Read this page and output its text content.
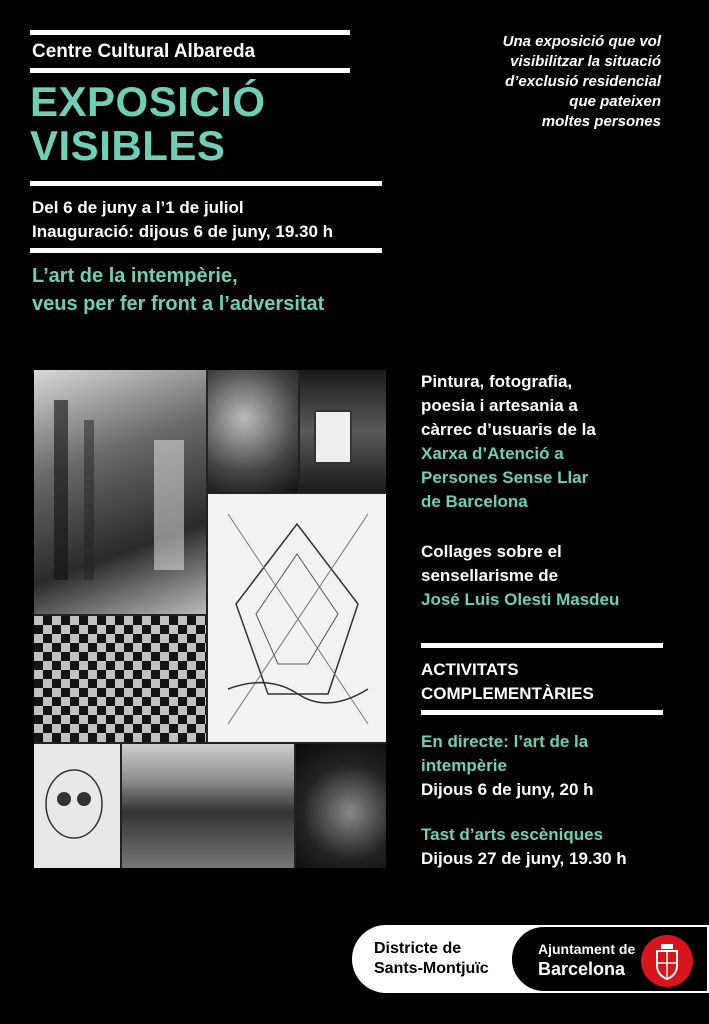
Centre Cultural Albareda
EXPOSICIÓ
VISIBLES
Del 6 de juny a l’1 de juliol
Inauguració: dijous 6 de juny, 19.30 h
L’art de la intempèrie,
veus per fer front a l’adversitat
Una exposició que vol
visibilitzar la situació
d’exclusió residencial
que pateixen
moltes persones
Pintura, fotografia,
poesia i artesania a
càrrec d’usuaris de la
Xarxa d’Atenció a
Persones Sense Llar
de Barcelona
Collages sobre el
sensellarisme de
José Luis Olesti Masdeu
ACTIVITATS
COMPLEMENTÀRIES
En directe: l’art de la
intempèrie
Dijous 6 de juny, 20 h
Tast d’arts escèniques
Dijous 27 de juny, 19.30 h
Districte de
Sants-Montjuïc
Ajuntament de
Barcelona
